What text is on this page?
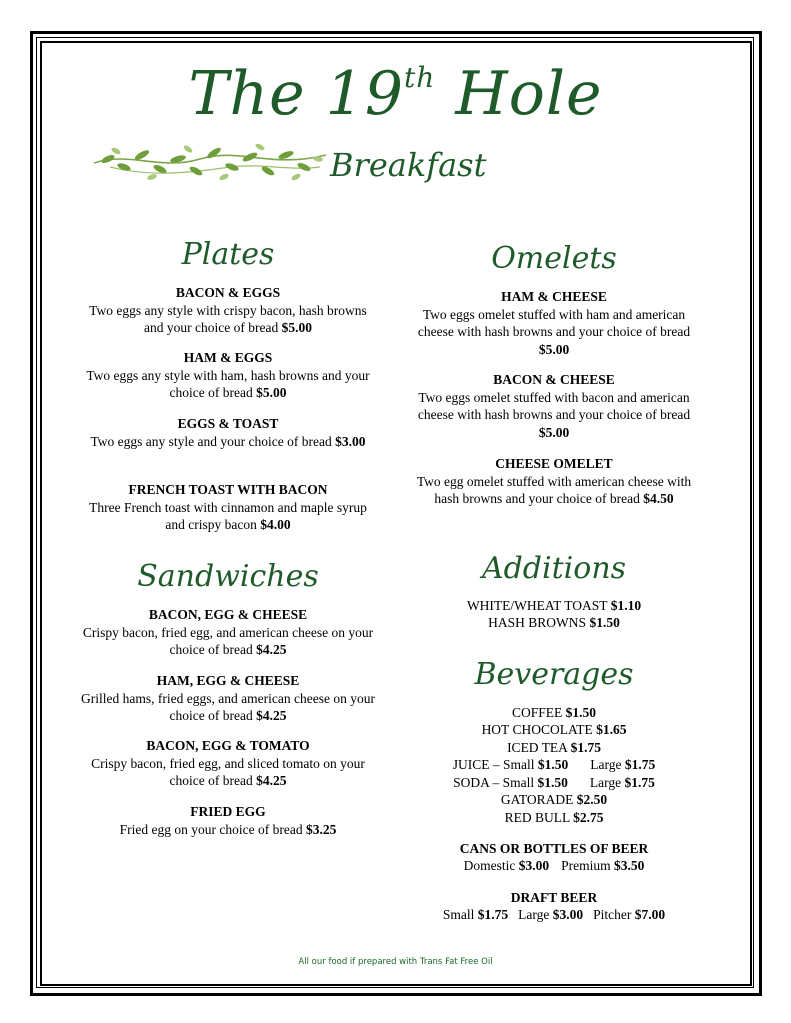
The 19th Hole
Breakfast
Plates
BACON & EGGS
Two eggs any style with crispy bacon, hash browns and your choice of bread $5.00
HAM & EGGS
Two eggs any style with ham, hash browns and your choice of bread $5.00
EGGS & TOAST
Two eggs any style and your choice of bread $3.00
FRENCH TOAST WITH BACON
Three French toast with cinnamon and maple syrup and crispy bacon $4.00
Sandwiches
BACON, EGG & CHEESE
Crispy bacon, fried egg, and american cheese on your choice of bread $4.25
HAM, EGG & CHEESE
Grilled hams, fried eggs, and american cheese on your choice of bread $4.25
BACON, EGG & TOMATO
Crispy bacon, fried egg, and sliced tomato on your choice of bread $4.25
FRIED EGG
Fried egg on your choice of bread $3.25
Omelets
HAM & CHEESE
Two eggs omelet stuffed with ham and american cheese with hash browns and your choice of bread $5.00
BACON & CHEESE
Two eggs omelet stuffed with bacon and american cheese with hash browns and your choice of bread $5.00
CHEESE OMELET
Two egg omelet stuffed with american cheese with hash browns and your choice of bread $4.50
Additions
WHITE/WHEAT TOAST $1.10
HASH BROWNS $1.50
Beverages
COFFEE $1.50
HOT CHOCOLATE $1.65
ICED TEA $1.75
JUICE – Small $1.50 Large $1.75
SODA – Small $1.50 Large $1.75
GATORADE $2.50
RED BULL $2.75
CANS OR BOTTLES OF BEER
Domestic $3.00 Premium $3.50
DRAFT BEER
Small $1.75 Large $3.00 Pitcher $7.00
All our food if prepared with Trans Fat Free Oil
